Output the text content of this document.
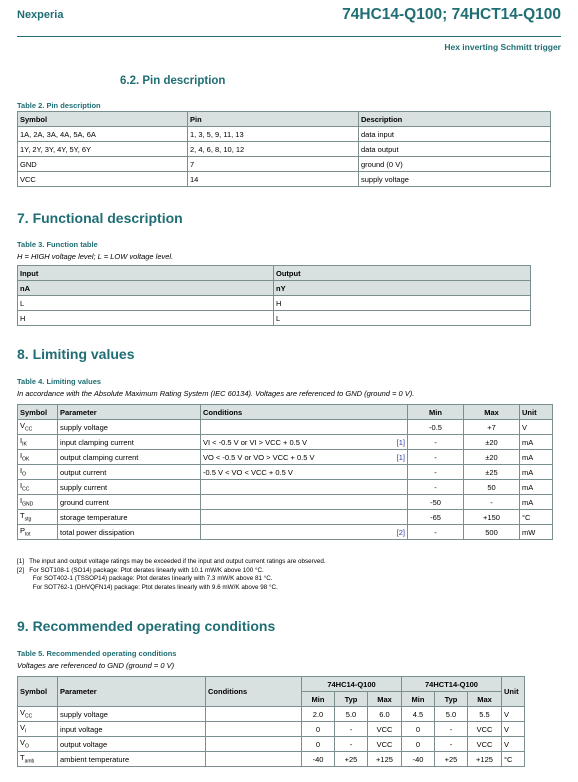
Nexperia	74HC14-Q100; 74HCT14-Q100
Hex inverting Schmitt trigger
6.2. Pin description
Table 2. Pin description
Symbol	Pin	Description
1A, 2A, 3A, 4A, 5A, 6A	1, 3, 5, 9, 11, 13	data input
1Y, 2Y, 3Y, 4Y, 5Y, 6Y	2, 4, 6, 8, 10, 12	data output
GND	7	ground (0 V)
VCC	14	supply voltage
7. Functional description
Table 3. Function table
H = HIGH voltage level; L = LOW voltage level.
Input	Output
nA	nY
L	H
H	L
8. Limiting values
Table 4. Limiting values
In accordance with the Absolute Maximum Rating System (IEC 60134). Voltages are referenced to GND (ground = 0 V).
Symbol	Parameter	Conditions	Min	Max	Unit
$V_{CC}$	supply voltage		-0.5	+7	V
$I_{IK}$	input clamping current	VI < -0.5 V or VI > VCC + 0.5 V [1]	-	±20	mA
$I_{OK}$	output clamping current	VO < -0.5 V or VO > VCC + 0.5 V [1]	-	±20	mA
$I_O$	output current	-0.5 V < VO < VCC + 0.5 V	-	±25	mA
$I_{CC}$	supply current		-	50	mA
$I_{GND}$	ground current		-50	-	mA
$T_{stg}$	storage temperature		-65	+150	°C
$P_{tot}$	total power dissipation	[2]	-	500	mW
[1]   The input and output voltage ratings may be exceeded if the input and output current ratings are observed.
[2]   For SOT108-1 (SO14) package: Ptot derates linearly with 10.1 mW/K above 100 °C.
For SOT402-1 (TSSOP14) package: Ptot derates linearly with 7.3 mW/K above 81 °C.
For SOT762-1 (DHVQFN14) package: Ptot derates linearly with 9.6 mW/K above 98 °C.
9. Recommended operating conditions
Table 5. Recommended operating conditions
Voltages are referenced to GND (ground = 0 V)
Symbol	Parameter	Conditions	74HC14-Q100			74HCT14-Q100			Unit
			Min	Typ	Max	Min	Typ	Max	
$V_{CC}$	supply voltage		2.0	5.0	6.0	4.5	5.0	5.5	V
$V_I$	input voltage		0	-	VCC	0	-	VCC	V
$V_O$	output voltage		0	-	VCC	0	-	VCC	V
$T_{amb}$	ambient temperature		-40	+25	+125	-40	+25	+125	°C
